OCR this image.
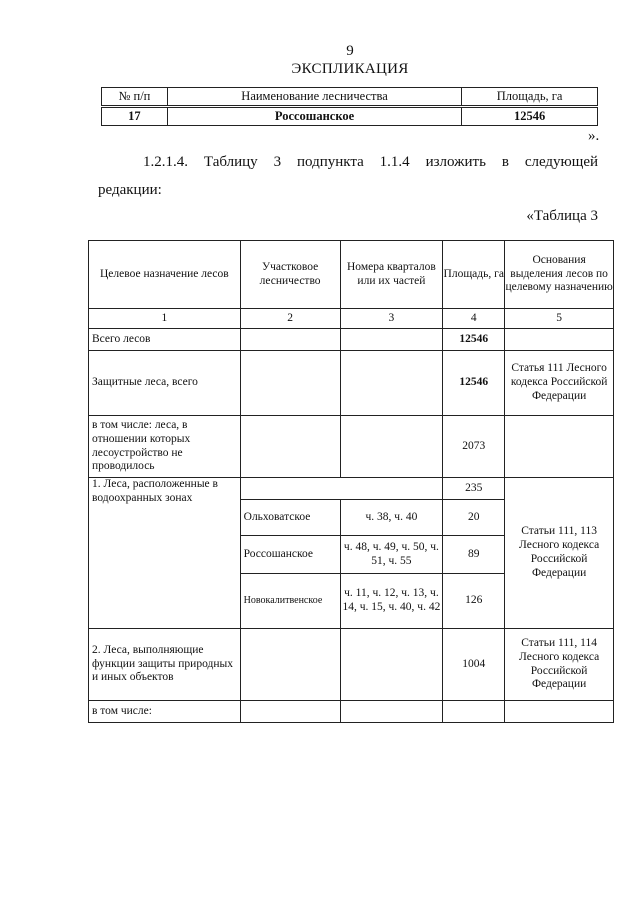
9
ЭКСПЛИКАЦИЯ
№ п/п	Наименование лесничества	Площадь, га
17	Россошанское	12546
».
1.2.1.4. Таблицу 3 подпункта 1.1.4 изложить в следующей
редакции:
«Таблица 3
Целевое назначение лесов	Участковое лесничество	Номера кварталов или их частей	Площадь, га	Основания выделения лесов по целевому назначению
1	2	3	4	5
Всего лесов			12546	
Защитные леса, всего			12546	Статья 111 Лесного кодекса Российской Федерации
в том числе: леса, в отношении которых лесоустройство не проводилось			2073	
1. Леса, расположенные в водоохранных зонах			235	Статьи 111, 113 Лесного кодекса Российской Федерации
	Ольховатское	ч. 38, ч. 40	20	
	Россошанское	ч. 48, ч. 49, ч. 50, ч. 51, ч. 55	89	
	Новокалитвенское	ч. 11, ч. 12, ч. 13, ч. 14, ч. 15, ч. 40, ч. 42	126	
2. Леса, выполняющие функции защиты природных и иных объектов			1004	Статьи 111, 114 Лесного кодекса Российской Федерации
в том числе:				
